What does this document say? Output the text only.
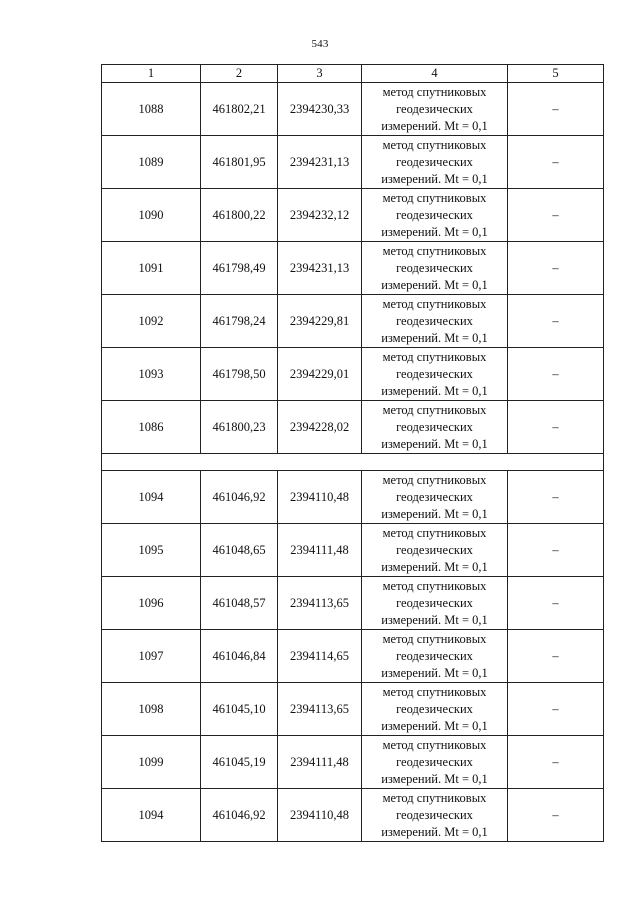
543
1	2	3	4	5
1088	461802,21	2394230,33	метод спутниковых
геодезических
измерений. Mt = 0,1	–
1089	461801,95	2394231,13	метод спутниковых
геодезических
измерений. Mt = 0,1	–
1090	461800,22	2394232,12	метод спутниковых
геодезических
измерений. Mt = 0,1	–
1091	461798,49	2394231,13	метод спутниковых
геодезических
измерений. Mt = 0,1	–
1092	461798,24	2394229,81	метод спутниковых
геодезических
измерений. Mt = 0,1	–
1093	461798,50	2394229,01	метод спутниковых
геодезических
измерений. Mt = 0,1	–
1086	461800,23	2394228,02	метод спутниковых
геодезических
измерений. Mt = 0,1	–

1094	461046,92	2394110,48	метод спутниковых
геодезических
измерений. Mt = 0,1	–
1095	461048,65	2394111,48	метод спутниковых
геодезических
измерений. Mt = 0,1	–
1096	461048,57	2394113,65	метод спутниковых
геодезических
измерений. Mt = 0,1	–
1097	461046,84	2394114,65	метод спутниковых
геодезических
измерений. Mt = 0,1	–
1098	461045,10	2394113,65	метод спутниковых
геодезических
измерений. Mt = 0,1	–
1099	461045,19	2394111,48	метод спутниковых
геодезических
измерений. Mt = 0,1	–
1094	461046,92	2394110,48	метод спутниковых
геодезических
измерений. Mt = 0,1	–
